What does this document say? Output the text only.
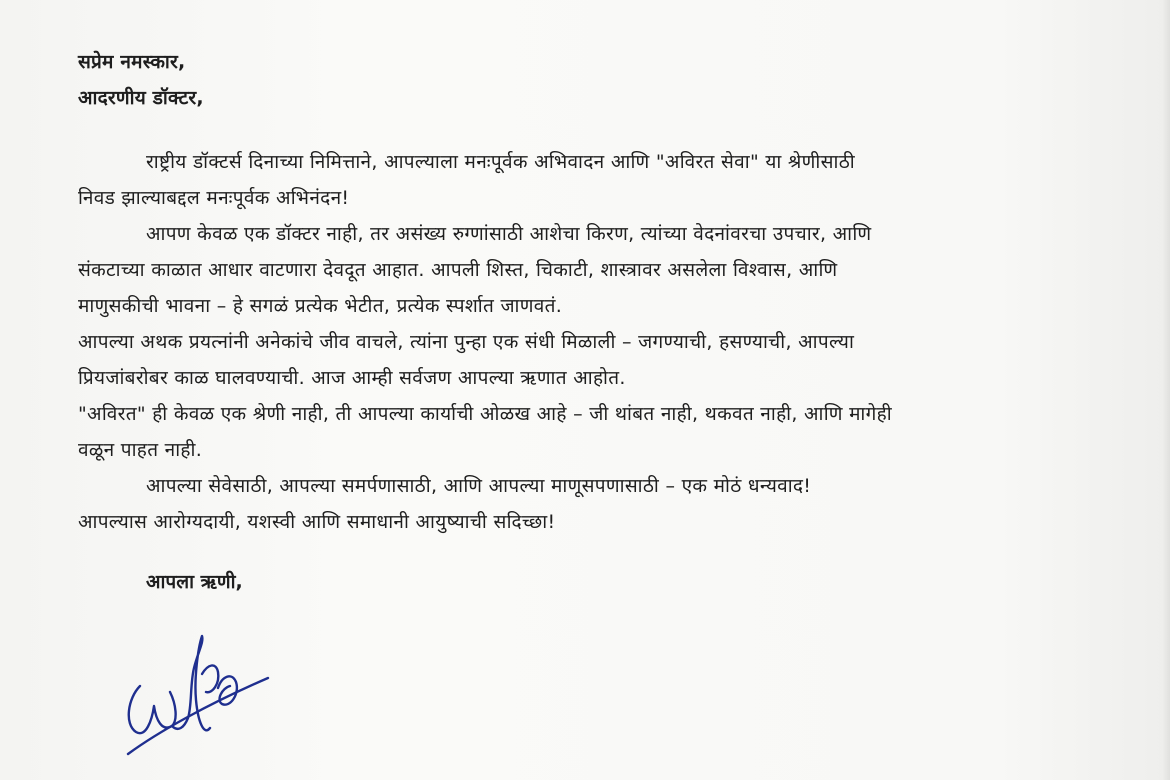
सप्रेम नमस्कार,

आदरणीय डॉक्टर,

राष्ट्रीय डॉक्टर्स दिनाच्या निमित्ताने, आपल्याला मनःपूर्वक अभिवादन आणि "अविरत सेवा" या श्रेणीसाठी

निवड झाल्याबद्दल मनःपूर्वक अभिनंदन!

आपण केवळ एक डॉक्टर नाही, तर असंख्य रुग्णांसाठी आशेचा किरण, त्यांच्या वेदनांवरचा उपचार, आणि

संकटाच्या काळात आधार वाटणारा देवदूत आहात. आपली शिस्त, चिकाटी, शास्त्रावर असलेला विश्वास, आणि

माणुसकीची भावना – हे सगळं प्रत्येक भेटीत, प्रत्येक स्पर्शात जाणवतं.

आपल्या अथक प्रयत्नांनी अनेकांचे जीव वाचले, त्यांना पुन्हा एक संधी मिळाली – जगण्याची, हसण्याची, आपल्या

प्रियजांबरोबर काळ घालवण्याची. आज आम्ही सर्वजण आपल्या ऋणात आहोत.

"अविरत" ही केवळ एक श्रेणी नाही, ती आपल्या कार्याची ओळख आहे – जी थांबत नाही, थकवत नाही, आणि मागेही

वळून पाहत नाही.

आपल्या सेवेसाठी, आपल्या समर्पणासाठी, आणि आपल्या माणूसपणासाठी – एक मोठं धन्यवाद!

आपल्यास आरोग्यदायी, यशस्वी आणि समाधानी आयुष्याची सदिच्छा!

आपला ऋणी,
